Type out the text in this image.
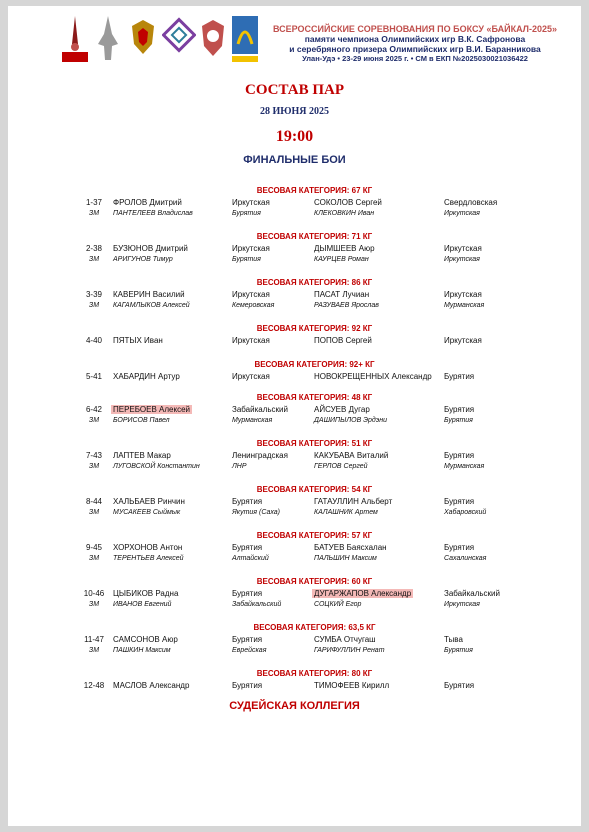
ВСЕРОССИЙСКИЕ СОРЕВНОВАНИЯ ПО БОКСУ «БАЙКАЛ-2025»
памяти чемпиона Олимпийских игр В.К. Сафронова
и серебряного призера Олимпийских игр В.И. Баранникова
Улан-Удэ • 23-29 июня 2025 г. • СМ в ЕКП №2025030021036422
СОСТАВ ПАР
28 ИЮНЯ 2025
19:00
ФИНАЛЬНЫЕ БОИ
ВЕСОВАЯ КАТЕГОРИЯ: 67 КГ
1-37	ФРОЛОВ Дмитрий	Иркутская	СОКОЛОВ Сергей	Свердловская
ЗМ	ПАНТЕЛЕЕВ Владислав	Бурятия	КЛЕКОВКИН Иван	Иркутская
ВЕСОВАЯ КАТЕГОРИЯ: 71 КГ
2-38	БУЗЮНОВ Дмитрий	Иркутская	ДЫМШЕЕВ Аюр	Иркутская
ЗМ	АРИГУНОВ Тимур	Бурятия	КАУРЦЕВ Роман	Иркутская
ВЕСОВАЯ КАТЕГОРИЯ: 86 КГ
3-39	КАВЕРИН Василий	Иркутская	ПАСАТ Лучиан	Иркутская
ЗМ	КАГАМЛЫКОВ Алексей	Кемеровская	РАЗУВАЕВ Ярослав	Мурманская
ВЕСОВАЯ КАТЕГОРИЯ: 92 КГ
4-40	ПЯТЫХ Иван	Иркутская	ПОПОВ Сергей	Иркутская
ВЕСОВАЯ КАТЕГОРИЯ: 92+ КГ
5-41	ХАБАРДИН Артур	Иркутская	НОВОКРЕЩЕННЫХ Александр Бурятия
ВЕСОВАЯ КАТЕГОРИЯ: 48 КГ
6-42	ПЕРЕБОЕВ Алексей	Забайкальский	АЙСУЕВ Дугар	Бурятия
ЗМ	БОРИСОВ Павел	Мурманская	ДАШИПЫЛОВ Эрдэни	Бурятия
ВЕСОВАЯ КАТЕГОРИЯ: 51 КГ
7-43	ЛАПТЕВ Макар	Ленинградская	КАКУБАВА Виталий	Бурятия
ЗМ	ЛУГОВСКОЙ Константин	ЛНР	ГЕРЛОВ Сергей	Мурманская
ВЕСОВАЯ КАТЕГОРИЯ: 54 КГ
8-44	ХАЛЬБАЕВ Ринчин	Бурятия	ГАТАУЛЛИН Альберт	Бурятия
ЗМ	МУСАКЕЕВ Сыймык	Якутия (Саха)	КАЛАШНИК Артем	Хабаровский
ВЕСОВАЯ КАТЕГОРИЯ: 57 КГ
9-45	ХОРХОНОВ Антон	Бурятия	БАТУЕВ Баясхалан	Бурятия
ЗМ	ТЕРЕНТЬЕВ Алексей	Алтайский	ПАЛЬШИН Максим	Сахалинская
ВЕСОВАЯ КАТЕГОРИЯ: 60 КГ
10-46 ЦЫБИКОВ Радна	Бурятия	ДУГАРЖАПОВ Александр	Забайкальский
ЗМ	ИВАНОВ Евгений	Забайкальский	СОЦКИЙ Егор	Иркутская
ВЕСОВАЯ КАТЕГОРИЯ: 63,5 КГ
11-47 САМСОНОВ Аюр	Бурятия	СУМБА Отчугаш	Тыва
ЗМ	ПАШКИН Максим	Еврейская	ГАРИФУЛЛИН Ренат	Бурятия
ВЕСОВАЯ КАТЕГОРИЯ: 80 КГ
12-48 МАСЛОВ Александр	Бурятия	ТИМОФЕЕВ Кирилл	Бурятия
СУДЕЙСКАЯ КОЛЛЕГИЯ
